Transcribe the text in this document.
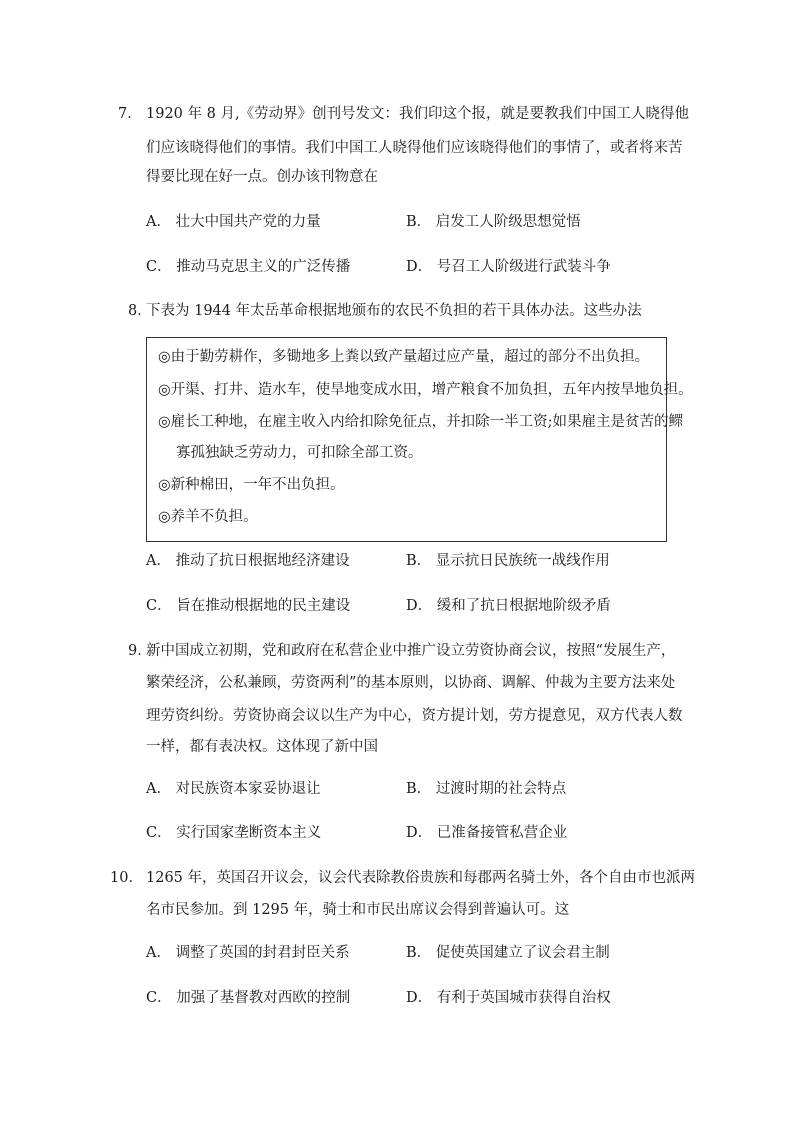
7． 1920 年 8 月,《劳动界》创刊号发文：我们印这个报，就是要教我们中国工人晓得他
们应该晓得他们的事情。我们中国工人晓得他们应该晓得他们的事情了，或者将来苦
得要比现在好一点。创办该刊物意在
A． 壮大中国共产党的力量	B． 启发工人阶级思想觉悟
C． 推动马克思主义的广泛传播	D． 号召工人阶级进行武装斗争
8．
下表为 1944 年太岳革命根据地颁布的农民不负担的若干具体办法。这些办法
◎由于勤劳耕作，多锄地多上粪以致产量超过应产量，超过的部分不出负担。
◎开渠、打井、造水车，使旱地变成水田，增产粮食不加负担，五年内按旱地负担。
◎雇长工种地，在雇主收入内给扣除免征点，并扣除一半工资;如果雇主是贫苦的鳏
寡孤独缺乏劳动力，可扣除全部工资。
◎新种棉田，一年不出负担。
◎养羊不负担。
A． 推动了抗日根据地经济建设	B． 显示抗日民族统一战线作用
C． 旨在推动根据地的民主建设	D． 缓和了抗日根据地阶级矛盾
9．
新中国成立初期，党和政府在私营企业中推广设立劳资协商会议，按照“发展生产，
繁荣经济，公私兼顾，劳资两利”的基本原则，以协商、调解、仲裁为主要方法来处
理劳资纠纷。劳资协商会议以生产为中心，资方提计划，劳方提意见，双方代表人数
一样，都有表决权。这体现了新中国
A． 对民族资本家妥协退让	B． 过渡时期的社会特点
C． 实行国家垄断资本主义	D． 已准备接管私营企业
10． 1265 年，英国召开议会，议会代表除教俗贵族和每郡两名骑士外，各个自由市也派两
名市民参加。到 1295 年，骑士和市民出席议会得到普遍认可。这
A． 调整了英国的封君封臣关系	B． 促使英国建立了议会君主制
C． 加强了基督教对西欧的控制	D． 有利于英国城市获得自治权
